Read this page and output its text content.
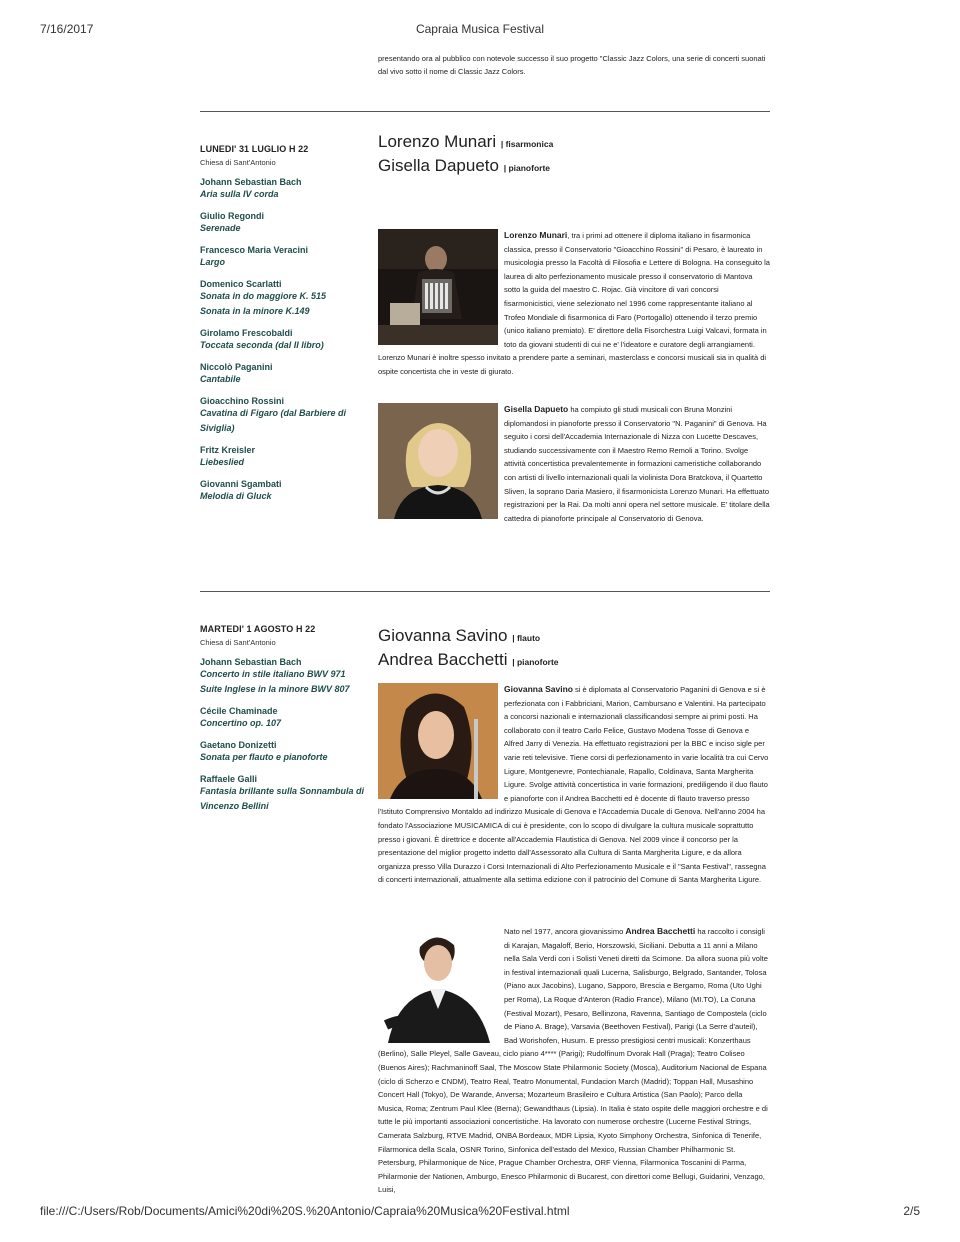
7/16/2017	Capraia Musica Festival
presentando ora al pubblico con notevole successo il suo progetto "Classic Jazz Colors, una serie di concerti suonati dal vivo sotto il nome di Classic Jazz Colors.
LUNEDI' 31 LUGLIO H 22
Chiesa di Sant'Antonio
Johann Sebastian Bach
Aria sulla IV corda
Giulio Regondi
Serenade
Francesco Maria Veracini
Largo
Domenico Scarlatti
Sonata in do maggiore K. 515
Sonata in la minore K.149
Girolamo Frescobaldi
Toccata seconda (dal II libro)
Niccolò Paganini
Cantabile
Gioacchino Rossini
Cavatina di Figaro (dal Barbiere di Siviglia)
Fritz Kreisler
Liebeslied
Giovanni Sgambati
Melodia di Gluck
Lorenzo Munari | fisarmonica
Gisella Dapueto | pianoforte
Lorenzo Munari, tra i primi ad ottenere il diploma italiano in fisarmonica classica, presso il Conservatorio "Gioacchino Rossini" di Pesaro, è laureato in musicologia presso la Facoltà di Filosofia e Lettere di Bologna. Ha conseguito la laurea di alto perfezionamento musicale presso il conservatorio di Mantova sotto la guida del maestro C. Rojac. Già vincitore di vari concorsi fisarmonicistici, viene selezionato nel 1996 come rappresentante italiano al Trofeo Mondiale di fisarmonica di Faro (Portogallo) ottenendo il terzo premio (unico italiano premiato). E' direttore della Fisorchestra Luigi Valcavi, formata in toto da giovani studenti di cui ne e' l'ideatore e curatore degli arrangiamenti. Lorenzo Munari è inoltre spesso invitato a prendere parte a seminari, masterclass e concorsi musicali sia in qualità di ospite concertista che in veste di giurato.
Gisella Dapueto ha compiuto gli studi musicali con Bruna Monzini diplomandosi in pianoforte presso il Conservatorio "N. Paganini" di Genova. Ha seguito i corsi dell'Accademia Internazionale di Nizza con Lucette Descaves, studiando successivamente con il Maestro Remo Remoli a Torino. Svolge attività concertistica prevalentemente in formazioni cameristiche collaborando con artisti di livello internazionali quali la violinista Dora Bratckova, il Quartetto Sliven, la soprano Daria Masiero, il fisarmonicista Lorenzo Munari. Ha effettuato registrazioni per la Rai. Da molti anni opera nel settore musicale. E' titolare della cattedra di pianoforte principale al Conservatorio di Genova.
MARTEDI' 1 AGOSTO H 22
Chiesa di Sant'Antonio
Johann Sebastian Bach
Concerto in stile italiano BWV 971
Suite Inglese in la minore BWV 807
Cécile Chaminade
Concertino op. 107
Gaetano Donizetti
Sonata per flauto e pianoforte
Raffaele Galli
Fantasia brillante sulla Sonnambula di Vincenzo Bellini
Giovanna Savino | flauto
Andrea Bacchetti | pianoforte
Giovanna Savino si è diplomata al Conservatorio Paganini di Genova e si è perfezionata con i Fabbriciani, Marion, Cambursano e Valentini. Ha partecipato a concorsi nazionali e internazionali classificandosi sempre ai primi posti. Ha collaborato con il teatro Carlo Felice, Gustavo Modena Tosse di Genova e Alfred Jarry di Venezia. Ha effettuato registrazioni per la BBC e inciso sigle per varie reti televisive. Tiene corsi di perfezionamento in varie località tra cui Cervo Ligure, Montgenevre, Pontechianale, Rapallo, Coldinava, Santa Margherita Ligure. Svolge attività concertistica in varie formazioni, prediligendo il duo flauto e pianoforte con il Andrea Bacchetti ed è docente di flauto traverso presso l'Istituto Comprensivo Montaldo ad indirizzo Musicale di Genova e l'Accademia Ducale di Genova. Nell'anno 2004 ha fondato l'Associazione MUSICAMICA di cui è presidente, con lo scopo di divulgare la cultura musicale soprattutto presso i giovani. È direttrice e docente all'Accademia Flautistica di Genova. Nel 2009 vince il concorso per la presentazione del miglior progetto indetto dall'Assessorato alla Cultura di Santa Margherita Ligure, e da allora organizza presso Villa Durazzo i Corsi Internazionali di Alto Perfezionamento Musicale e il "Santa Festival", rassegna di concerti internazionali, attualmente alla settima edizione con il patrocinio del Comune di Santa Margherita Ligure.
Nato nel 1977, ancora giovanissimo Andrea Bacchetti ha raccolto i consigli di Karajan, Magaloff, Berio, Horszowski, Siciliani. Debutta a 11 anni a Milano nella Sala Verdi con i Solisti Veneti diretti da Scimone. Da allora suona più volte in festival internazionali quali Lucerna, Salisburgo, Belgrado, Santander, Tolosa (Piano aux Jacobins), Lugano, Sapporo, Brescia e Bergamo, Roma (Uto Ughi per Roma), La Roque d'Anteron (Radio France), Milano (MI.TO), La Coruna (Festival Mozart), Pesaro, Bellinzona, Ravenna, Santiago de Compostela (ciclo de Piano A. Brage), Varsavia (Beethoven Festival), Parigi (La Serre d'auteil), Bad Worishofen, Husum. E presso prestigiosi centri musicali: Konzerthaus (Berlino), Salle Pleyel, Salle Gaveau, ciclo piano 4**** (Parigi); Rudolfinum Dvorak Hall (Praga); Teatro Coliseo (Buenos Aires); Rachmaninoff Saal, The Moscow State Philarmonic Society (Mosca), Auditorium Nacional de Espana (ciclo di Scherzo e CNDM), Teatro Real, Teatro Monumental, Fundacion March (Madrid); Toppan Hall, Musashino Concert Hall (Tokyo), De Warande, Anversa; Mozarteum Brasileiro e Cultura Artistica (San Paolo); Parco della Musica, Roma; Zentrum Paul Klee (Berna); Gewandthaus (Lipsia). In Italia è stato ospite delle maggiori orchestre e di tutte le più importanti associazioni concertistiche. Ha lavorato con numerose orchestre (Lucerne Festival Strings, Camerata Salzburg, RTVE Madrid, ONBA Bordeaux, MDR Lipsia, Kyoto Simphony Orchestra, Sinfonica di Tenerife, Filarmonica della Scala, OSNR Torino, Sinfonica dell'estado del Mexico, Russian Chamber Philharmonic St. Petersburg, Philarmonique de Nice, Prague Chamber Orchestra, ORF Vienna, Filarmonica Toscanini di Parma, Philarmonie der Nationen, Amburgo, Enesco Philarmonic di Bucarest, con direttori come Bellugi, Guidarini, Venzago, Luisi,
file:///C:/Users/Rob/Documents/Amici%20di%20S.%20Antonio/Capraia%20Musica%20Festival.html	2/5
